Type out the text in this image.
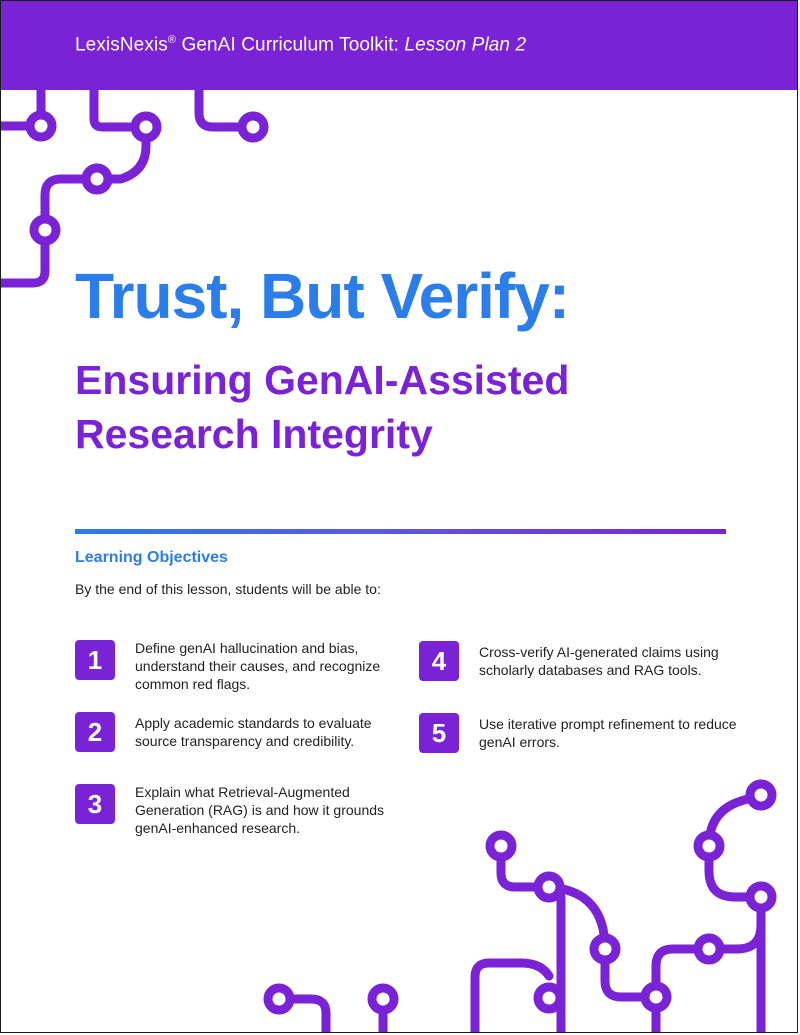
LexisNexis® GenAI Curriculum Toolkit: Lesson Plan 2
Trust, But Verify:
Ensuring GenAI-Assisted Research Integrity
Learning Objectives

By the end of this lesson, students will be able to:

1	Define genAI hallucination and bias, understand their causes, and recognize common red flags.
2	Apply academic standards to evaluate source transparency and credibility.
3	Explain what Retrieval-Augmented Generation (RAG) is and how it grounds genAI-enhanced research.
4	Cross-verify AI-generated claims using scholarly databases and RAG tools.
5	Use iterative prompt refinement to reduce genAI errors.
